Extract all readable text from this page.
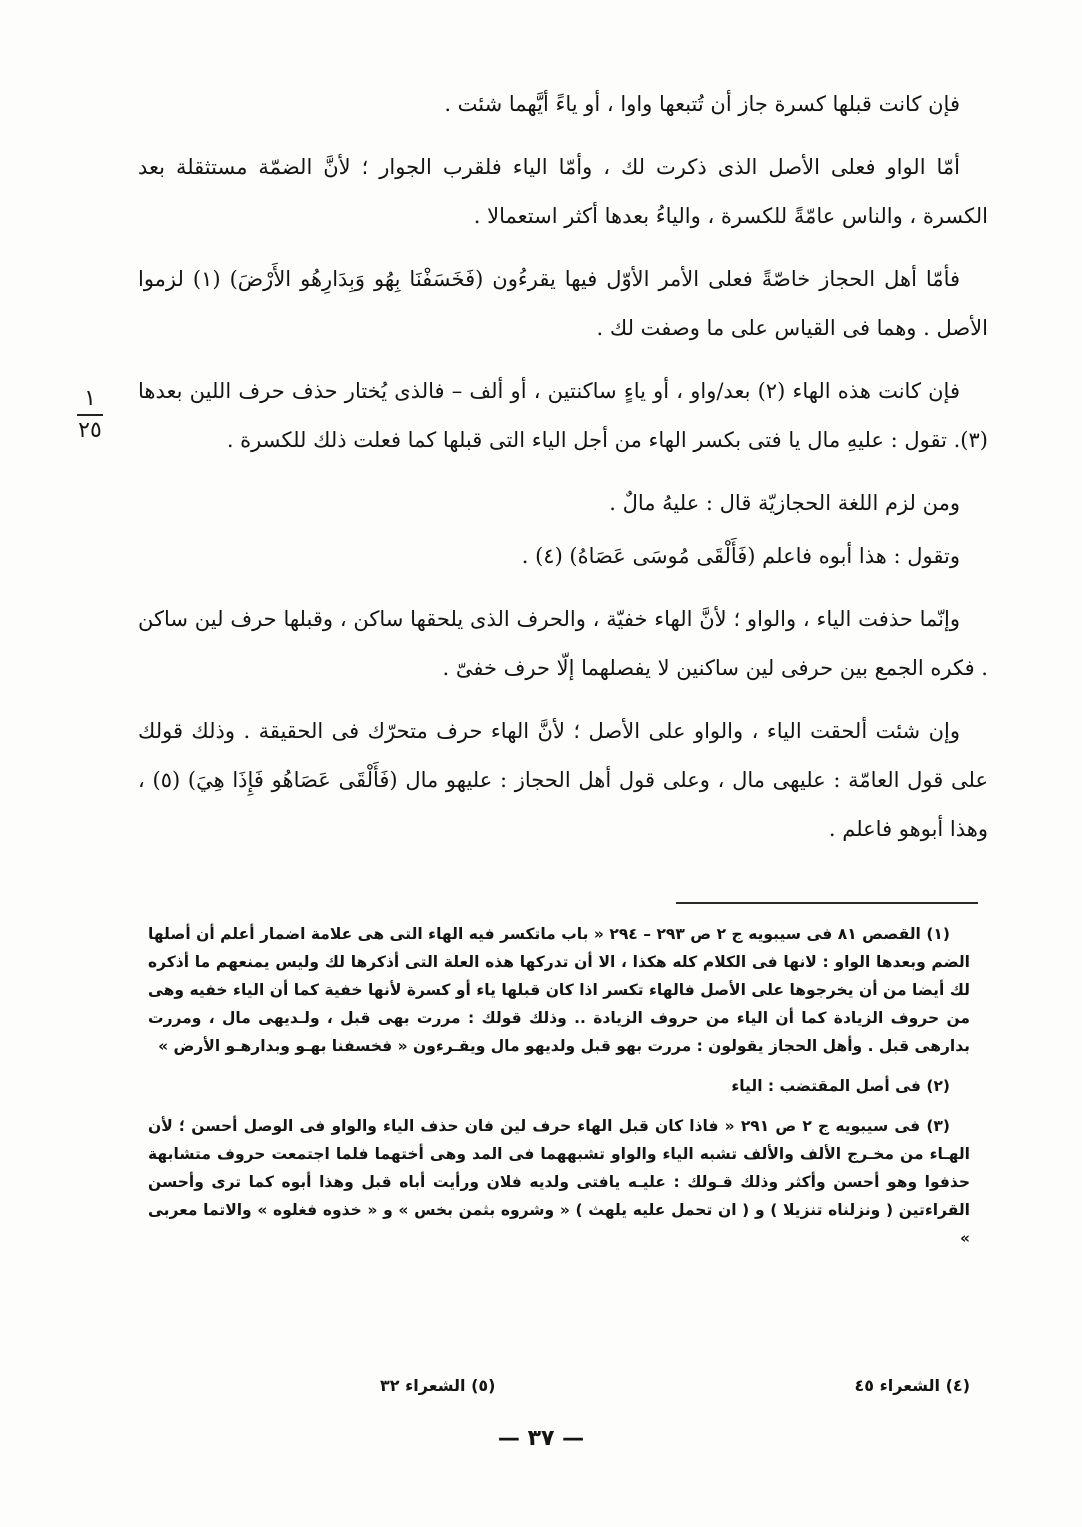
فإن كانت قبلها كسرة جاز أن تُتبعها واوا ، أو ياءً أيَّهما شئت .

أمّا الواو فعلى الأصل الذى ذكرت لك ، وأمّا الياء فلقرب الجوار ؛ لأنَّ الضمّة مستثقلة بعد الكسرة ، والناس عامّةً للكسرة ، والياءُ بعدها أكثر استعمالا .

فأمّا أهل الحجاز خاصّةً فعلى الأمر الأوّل فيها يقرءُون (فَخَسَفْنَا بِهُو وَبِدَارِهُو الأَرْضَ) (١) لزموا الأصل . وهما فى القياس على ما وصفت لك .

فإن كانت هذه الهاء (٢) بعد/واو ، أو ياءٍ ساكنتين ، أو ألف – فالذى يُختار حذف حرف اللين بعدها (٣). تقول : عليهِ مال يا فتى بكسر الهاء من أجل الياء التى قبلها كما فعلت ذلك للكسرة .

ومن لزم اللغة الحجازيّة قال : عليهُ مالٌ .

وتقول : هذا أبوه فاعلم (فَأَلْقَى مُوسَى عَصَاهُ) (٤) .

وإنّما حذفت الياء ، والواو ؛ لأنَّ الهاء خفيّة ، والحرف الذى يلحقها ساكن ، وقبلها حرف لين ساكن . فكره الجمع بين حرفى لين ساكنين لا يفصلهما إلّا حرف خفىّ .

وإن شئت ألحقت الياء ، والواو على الأصل ؛ لأنَّ الهاء حرف متحرّك فى الحقيقة . وذلك قولك على قول العامّة : عليهى مال ، وعلى قول أهل الحجاز : عليهو مال (فَأَلْقَى عَصَاهُو فَإِذَا هِيَ) (٥) ، وهذا أبوهو فاعلم .

١
٢٥

(١) القصص ٨١ فى سيبويه ج ٢ ص ٢٩٣ – ٢٩٤ « باب ماتكسر فيه الهاء التى هى علامة اضمار أعلم أن أصلها الضم وبعدها الواو : لانها فى الكلام كله هكذا ، الا أن تدركها هذه العلة التى أذكرها لك وليس يمنعهم ما أذكره لك أيضا من أن يخرجوها على الأصل فالهاء تكسر اذا كان قبلها ياء أو كسرة لأنها خفية كما أن الياء خفيه وهى من حروف الزيادة كما أن الياء من حروف الزيادة .. وذلك قولك : مررت بهى قبل ، ولـديهى مال ، ومررت بدارهى قبل . وأهل الحجاز يقولون : مررت بهو قبل ولديهو مال ويقـرءون « فخسفنا بهـو وبدارهـو الأرض »

(٢) فى أصل المقتضب : الياء

(٣) فى سيبويه ج ٢ ص ٢٩١ « فاذا كان قبل الهاء حرف لين فان حذف الياء والواو فى الوصل أحسن ؛ لأن الهـاء من مخـرج الألف والألف تشبه الياء والواو تشبههما فى المد وهى أختهما فلما اجتمعت حروف متشابهة حذفوا وهو أحسن وأكثر وذلك قـولك : عليـه يافتى ولديه فلان ورأيت أباه قبل وهذا أبوه كما ترى وأحسن القراءتين ( ونزلناه تنزيلا ) و ( ان تحمل عليه يلهث ) « وشروه بثمن بخس » و « خذوه فغلوه » والاتما معربى »

(٤) الشعراء ٤٥
(٥) الشعراء ٣٢
— ٣٧ —
